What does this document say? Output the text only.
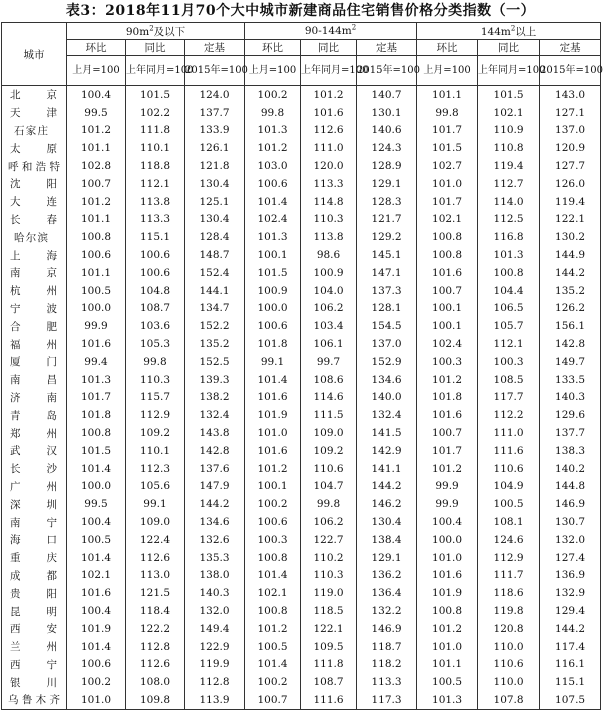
表3：2018年11月70个大中城市新建商品住宅销售价格分类指数（一）
城市	$90m^2$及以下			$90-144m^2$			$144m^2$以上		
	环比	同比	定基	环比	同比	定基	环比	同比	定基
	上月=100	上年同月=100	2015年=100	上月=100	上年同月=100	2015年=100	上月=100	上年同月=100	2015年=100
北京	100.4	101.5	124.0	100.2	101.2	140.7	101.1	101.5	143.0
天津	99.5	102.2	137.7	99.8	101.6	130.1	99.8	102.1	127.1
石家庄	101.2	111.8	133.9	101.3	112.6	140.6	101.7	110.9	137.0
太原	101.1	110.1	126.1	101.2	111.0	124.3	101.5	110.8	120.9
呼和浩特	102.8	118.8	121.8	103.0	120.0	128.9	102.7	119.4	127.7
沈阳	100.7	112.1	130.4	100.6	113.3	129.1	101.0	112.7	126.0
大连	101.2	113.8	125.1	101.4	114.8	128.3	101.7	114.0	119.4
长春	101.1	113.3	130.4	102.4	110.3	121.7	102.1	112.5	122.1
哈尔滨	100.8	115.1	128.4	101.3	113.8	129.2	100.8	116.8	130.2
上海	100.6	100.6	148.7	100.1	98.6	145.1	100.8	101.3	144.9
南京	101.1	100.6	152.4	101.5	100.9	147.1	101.6	100.8	144.2
杭州	100.5	104.8	144.1	100.9	104.0	137.3	100.7	104.4	135.2
宁波	100.0	108.7	134.7	100.0	106.2	128.1	100.1	106.5	126.2
合肥	99.9	103.6	152.2	100.6	103.4	154.5	100.1	105.7	156.1
福州	101.6	105.3	135.2	101.8	106.1	137.0	102.4	112.1	142.8
厦门	99.4	99.8	152.5	99.1	99.7	152.9	100.3	100.3	149.7
南昌	101.3	110.3	139.3	101.4	108.6	134.6	101.2	108.5	133.5
济南	101.7	115.7	138.2	101.6	114.6	140.0	101.8	117.7	140.3
青岛	101.8	112.9	132.4	101.9	111.5	132.4	101.6	112.2	129.6
郑州	100.8	109.2	143.8	101.0	109.0	141.5	100.7	111.0	137.7
武汉	101.5	110.1	142.8	101.6	109.2	142.9	101.7	111.6	138.3
长沙	101.4	112.3	137.6	101.2	110.6	141.1	101.2	110.6	140.2
广州	100.0	105.6	147.9	100.1	104.7	144.2	99.9	104.9	144.8
深圳	99.5	99.1	144.2	100.2	99.8	146.2	99.9	100.5	146.9
南宁	100.4	109.0	134.6	100.6	106.2	130.4	100.4	108.1	130.7
海口	100.5	122.4	132.6	100.3	122.7	138.4	100.0	124.6	132.0
重庆	101.4	112.6	135.3	100.8	110.2	129.1	101.0	112.9	127.4
成都	102.1	113.0	138.0	101.4	110.3	136.2	101.6	111.7	136.9
贵阳	101.6	121.5	140.3	102.1	119.0	136.4	101.9	118.6	132.9
昆明	100.4	118.4	132.0	100.8	118.5	132.2	100.8	119.8	129.4
西安	101.9	122.2	149.4	101.2	122.1	146.9	101.2	120.8	144.2
兰州	101.4	112.8	122.9	100.5	109.5	118.7	101.0	110.0	117.4
西宁	100.6	112.6	119.9	101.4	111.8	118.2	101.1	110.6	116.1
银川	100.2	108.0	112.8	100.2	108.7	113.3	100.5	110.0	115.1
乌鲁木齐	101.0	109.8	113.9	100.7	111.6	117.3	101.3	107.8	107.5
